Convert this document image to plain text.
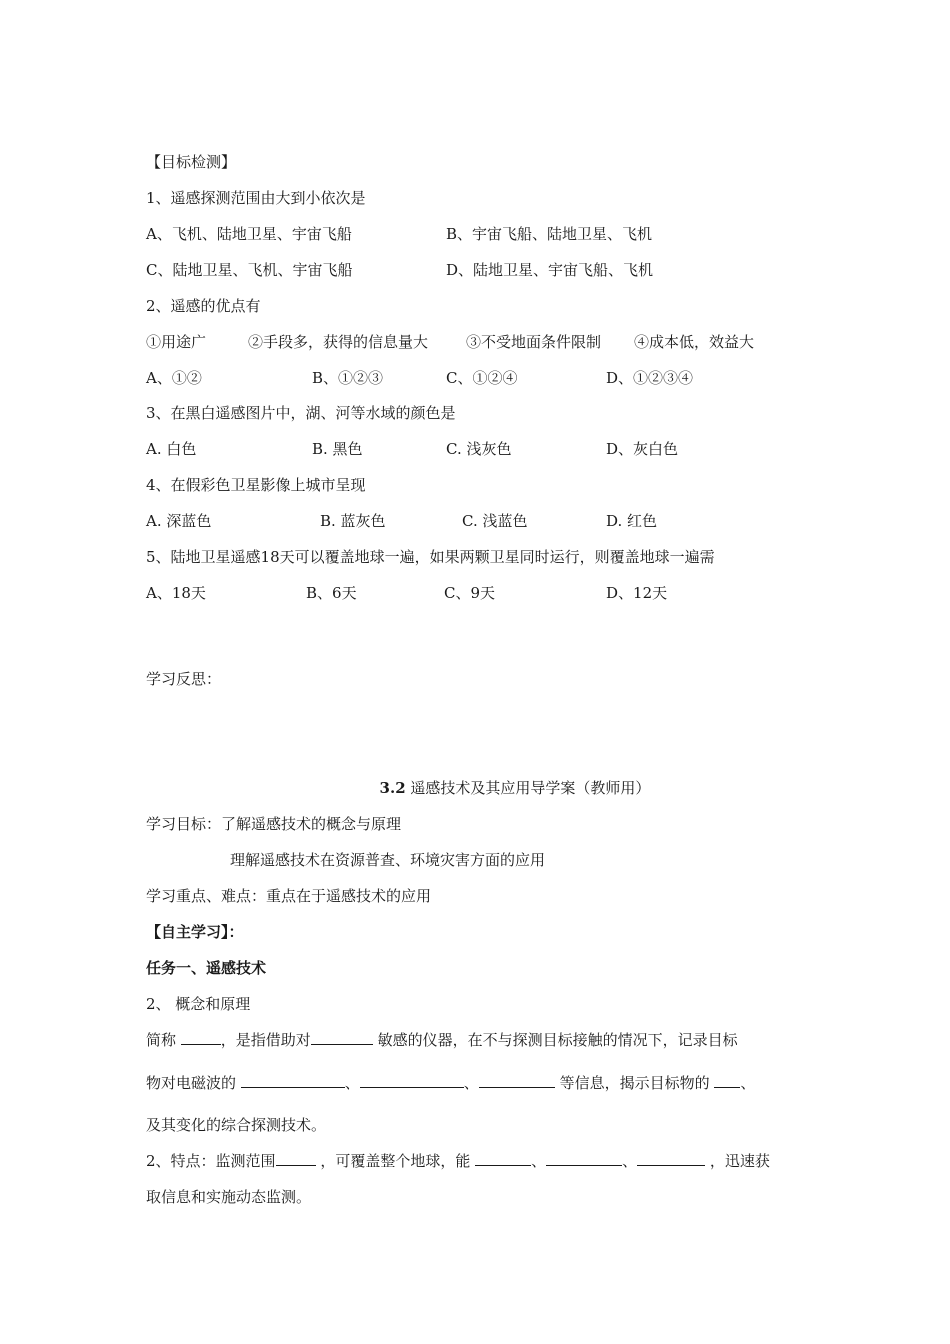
【目标检测】
1、遥感探测范围由大到小依次是
A、飞机、陆地卫星、宇宙飞船	B、宇宙飞船、陆地卫星、飞机
C、陆地卫星、飞机、宇宙飞船	D、陆地卫星、宇宙飞船、飞机
2、遥感的优点有
①用途广	②手段多，获得的信息量大	③不受地面条件限制 ④成本低，效益大
A、①②	B、①②③	C、①②④	D、①②③④
3、在黑白遥感图片中，湖、河等水域的颜色是
A. 白色	B. 黑色	C. 浅灰色	D、灰白色
4、在假彩色卫星影像上城市呈现
A. 深蓝色	B. 蓝灰色	C. 浅蓝色	D. 红色
5、陆地卫星遥感18天可以覆盖地球一遍，如果两颗卫星同时运行，则覆盖地球一遍需
A、18天	B、6天	C、9天	D、12天
学习反思：
3.2 遥感技术及其应用导学案（教师用）
学习目标：了解遥感技术的概念与原理
理解遥感技术在资源普查、环境灾害方面的应用
学习重点、难点：重点在于遥感技术的应用
【自主学习】：
任务一、遥感技术
2、 概念和原理
简称	，是指借助对	敏感的仪器，在不与探测目标接触的情况下，记录目标
物对电磁波的	、	、	等信息，揭示目标物的 、
及其变化的综合探测技术。
2、特点：监测范围	，可覆盖整个地球，能	、	、	，迅速获
取信息和实施动态监测。
